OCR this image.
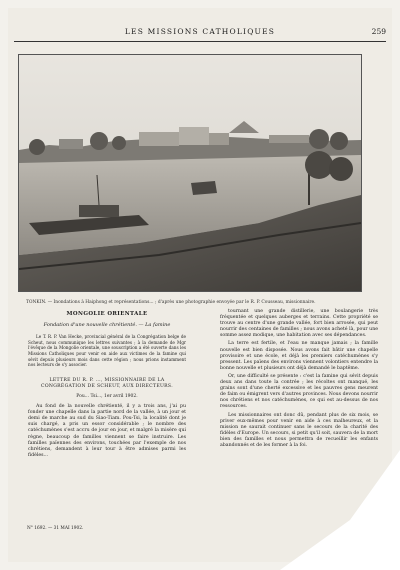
LES MISSIONS CATHOLIQUES	259
TONKIN. — Inondations à Haiphong et représentations... ; d'après une photographie envoyée par le R. P. Cousseau, missionnaire.
MONGOLIE ORIENTALE
Fondation d'une nouvelle chrétienté. — La famine
Le T. R. P. Van Hecke, provincial général de la Congrégation belge de Scheut, nous communique les lettres suivantes ; à la demande de Mgr l'évêque de la Mongolie orientale, une souscription a été ouverte dans les Missions Catholiques pour venir en aide aux victimes de la famine qui sévit depuis plusieurs mois dans cette région ; nous prions instamment nos lecteurs de s'y associer.
LETTRE DU R. P. ..., MISSIONNAIRE DE LA CONGRÉGATION DE SCHEUT, AUX DIRECTEURS.
Pou... Tsi..., 1er avril 1902.
Au fond de la nouvelle chrétienté, il y a trois ans, j'ai pu fonder une chapelle dans la partie nord de la vallée, à un jour et demi de marche au sud du Siao-Tiam. Pou-Tsi, la localité dont je suis chargé, a pris un essor considérable ; le nombre des catéchumènes s'est accru de jour en jour, et malgré la misère qui règne, beaucoup de familles viennent se faire instruire. Les familles païennes des environs, touchées par l'exemple de nos chrétiens, demandent à leur tour à être admises parmi les fidèles...
tournant une grande distillerie, une boulangerie très fréquentée et quelques auberges et terrains. Cette propriété se trouve au centre d'une grande vallée, fort bien arrosée, qui peut nourrir des centaines de familles ; nous avons acheté là, pour une somme assez modique, une habitation avec ses dépendances.
La terre est fertile, et l'eau ne manque jamais ; la famille nouvelle est bien disposée. Nous avons fait bâtir une chapelle provisoire et une école, et déjà les premiers catéchumènes s'y pressent. Les païens des environs viennent volontiers entendre la bonne nouvelle et plusieurs ont déjà demandé le baptême.
Or, une difficulté se présente : c'est la famine qui sévit depuis deux ans dans toute la contrée ; les récoltes ont manqué, les grains sont d'une cherté excessive et les pauvres gens meurent de faim ou émigrent vers d'autres provinces. Nous devons nourrir nos chrétiens et nos catéchumènes, ce qui est au-dessus de nos ressources.
Les missionnaires ont donc dû, pendant plus de six mois, se priver eux-mêmes pour venir en aide à ces malheureux, et la mission ne saurait continuer sans le secours de la charité des fidèles d'Europe. Un secours, si petit qu'il soit, sauvera de la mort bien des familles et nous permettra de recueillir les enfants abandonnés et de les former à la foi.
N° 1692. — 31 MAI 1902.
